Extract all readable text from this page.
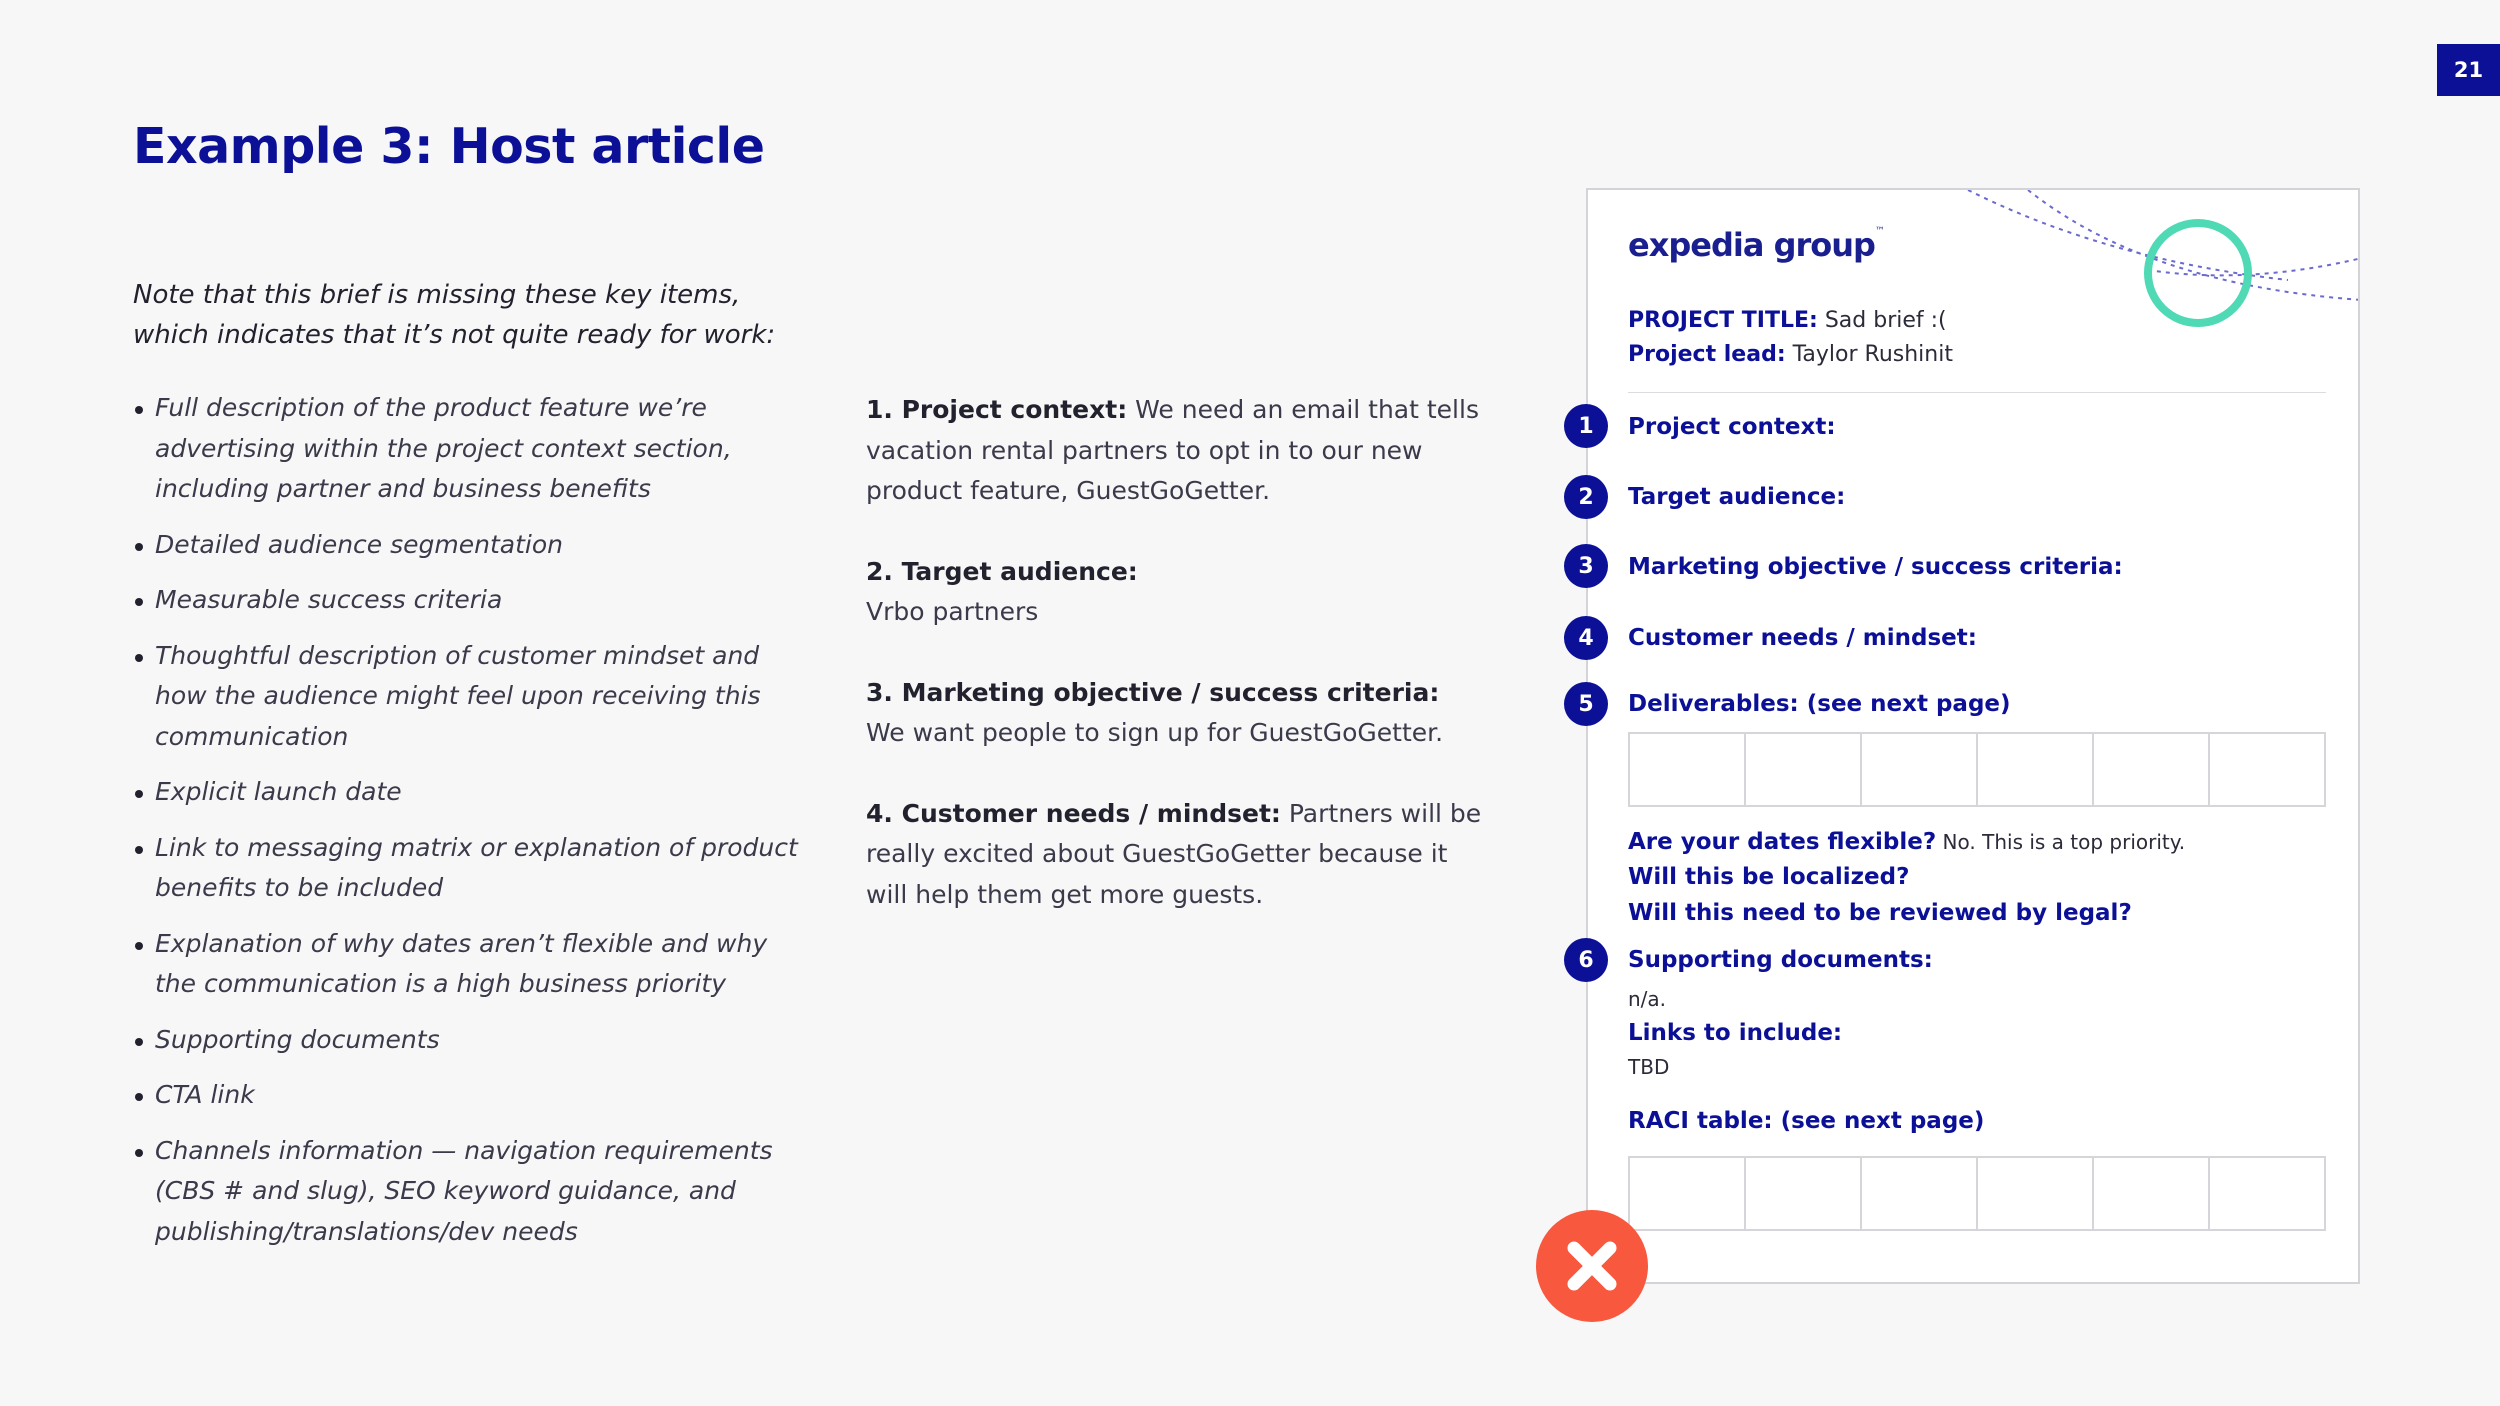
21
Example 3: Host article
Note that this brief is missing these key items, which indicates that it’s not quite ready for work:
Full description of the product feature we’re advertising within the project context section, including partner and business benefits
Detailed audience segmentation
Measurable success criteria
Thoughtful description of customer mindset and how the audience might feel upon receiving this communication
Explicit launch date
Link to messaging matrix or explanation of product benefits to be included
Explanation of why dates aren’t flexible and why the communication is a high business priority
Supporting documents
CTA link
Channels information — navigation requirements (CBS # and slug), SEO keyword guidance, and publishing/translations/dev needs
1. Project context: We need an email that tells vacation rental partners to opt in to our new product feature, GuestGoGetter.
2. Target audience:
Vrbo partners
3. Marketing objective / success criteria:
We want people to sign up for GuestGoGetter.
4. Customer needs / mindset: Partners will be really excited about GuestGoGetter because it will help them get more guests.
expedia group™
PROJECT TITLE: Sad brief :(
Project lead: Taylor Rushinit
Project context:
Target audience:
Marketing objective / success criteria:
Customer needs / mindset:
Deliverables: (see next page)
Are your dates flexible? No. This is a top priority.
Will this be localized?
Will this need to be reviewed by legal?
Supporting documents:
n/a.
Links to include:
TBD
RACI table: (see next page)
1
2
3
4
5
6
